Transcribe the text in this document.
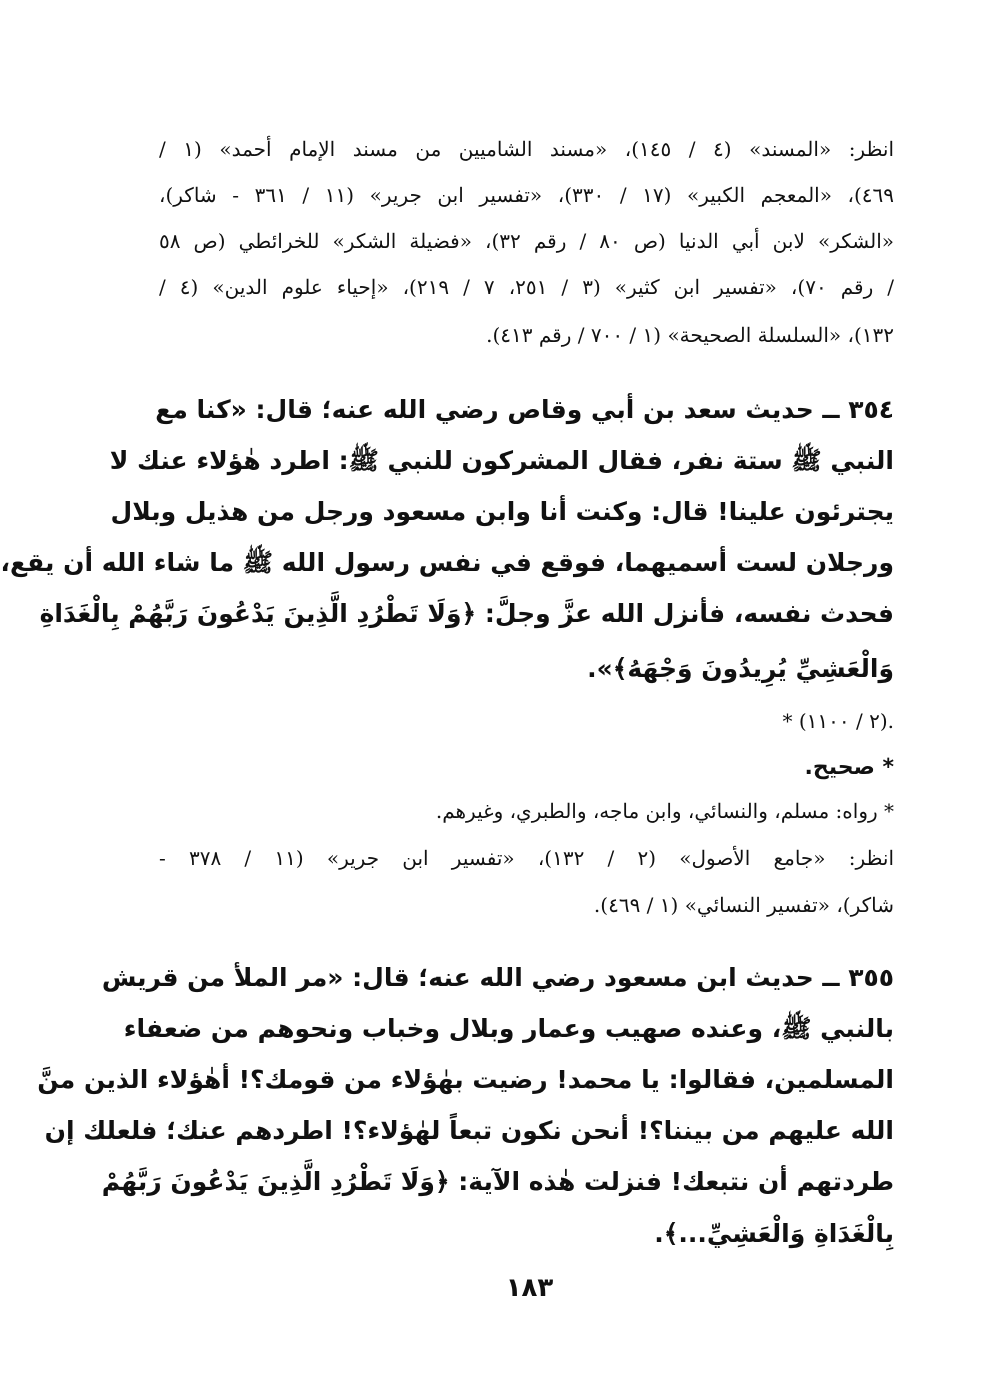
انظر: «المسند» (٤ / ١٤٥)، «مسند الشاميين من مسند الإمام أحمد» (١ /
٤٦٩)، «المعجم الكبير» (١٧ / ٣٣٠)، «تفسير ابن جرير» (١١ / ٣٦١ - شاكر)،
«الشكر» لابن أبي الدنيا (ص ٨٠ / رقم ٣٢)، «فضيلة الشكر» للخرائطي (ص ٥٨
/ رقم ٧٠)، «تفسير ابن كثير» (٣ / ٢٥١، ٧ / ٢١٩)، «إحياء علوم الدين» (٤ /
١٣٢)، «السلسلة الصحيحة» (١ / ٧٠٠ / رقم ٤١٣).
٣٥٤ ــ حديث سعد بن أبي وقاص رضي الله عنه؛ قال: «كنا مع
النبي ﷺ ستة نفر، فقال المشركون للنبي ﷺ: اطرد هٰؤلاء عنك لا
يجترئون علينا! قال: وكنت أنا وابن مسعود ورجل من هذيل وبلال
ورجلان لست أسميهما، فوقع في نفس رسول الله ﷺ ما شاء الله أن يقع،
فحدث نفسه، فأنزل الله عزَّ وجلَّ: ﴿وَلَا تَطْرُدِ الَّذِينَ يَدْعُونَ رَبَّهُمْ بِالْغَدَاةِ
وَالْعَشِيِّ يُرِيدُونَ وَجْهَهُ﴾».
* (٢ / ١١٠٠).
* صحيح.
* رواه: مسلم، والنسائي، وابن ماجه، والطبري، وغيرهم.
انظر: «جامع الأصول» (٢ / ١٣٢)، «تفسير ابن جرير» (١١ / ٣٧٨ -
شاكر)، «تفسير النسائي» (١ / ٤٦٩).
٣٥٥ ــ حديث ابن مسعود رضي الله عنه؛ قال: «مر الملأ من قريش
بالنبي ﷺ، وعنده صهيب وعمار وبلال وخباب ونحوهم من ضعفاء
المسلمين، فقالوا: يا محمد! رضيت بهٰؤلاء من قومك؟! أهٰؤلاء الذين منَّ
الله عليهم من بيننا؟! أنحن نكون تبعاً لهٰؤلاء؟! اطردهم عنك؛ فلعلك إن
طردتهم أن نتبعك! فنزلت هٰذه الآية: ﴿وَلَا تَطْرُدِ الَّذِينَ يَدْعُونَ رَبَّهُمْ
بِالْغَدَاةِ وَالْعَشِيِّ...﴾.
١٨٣
